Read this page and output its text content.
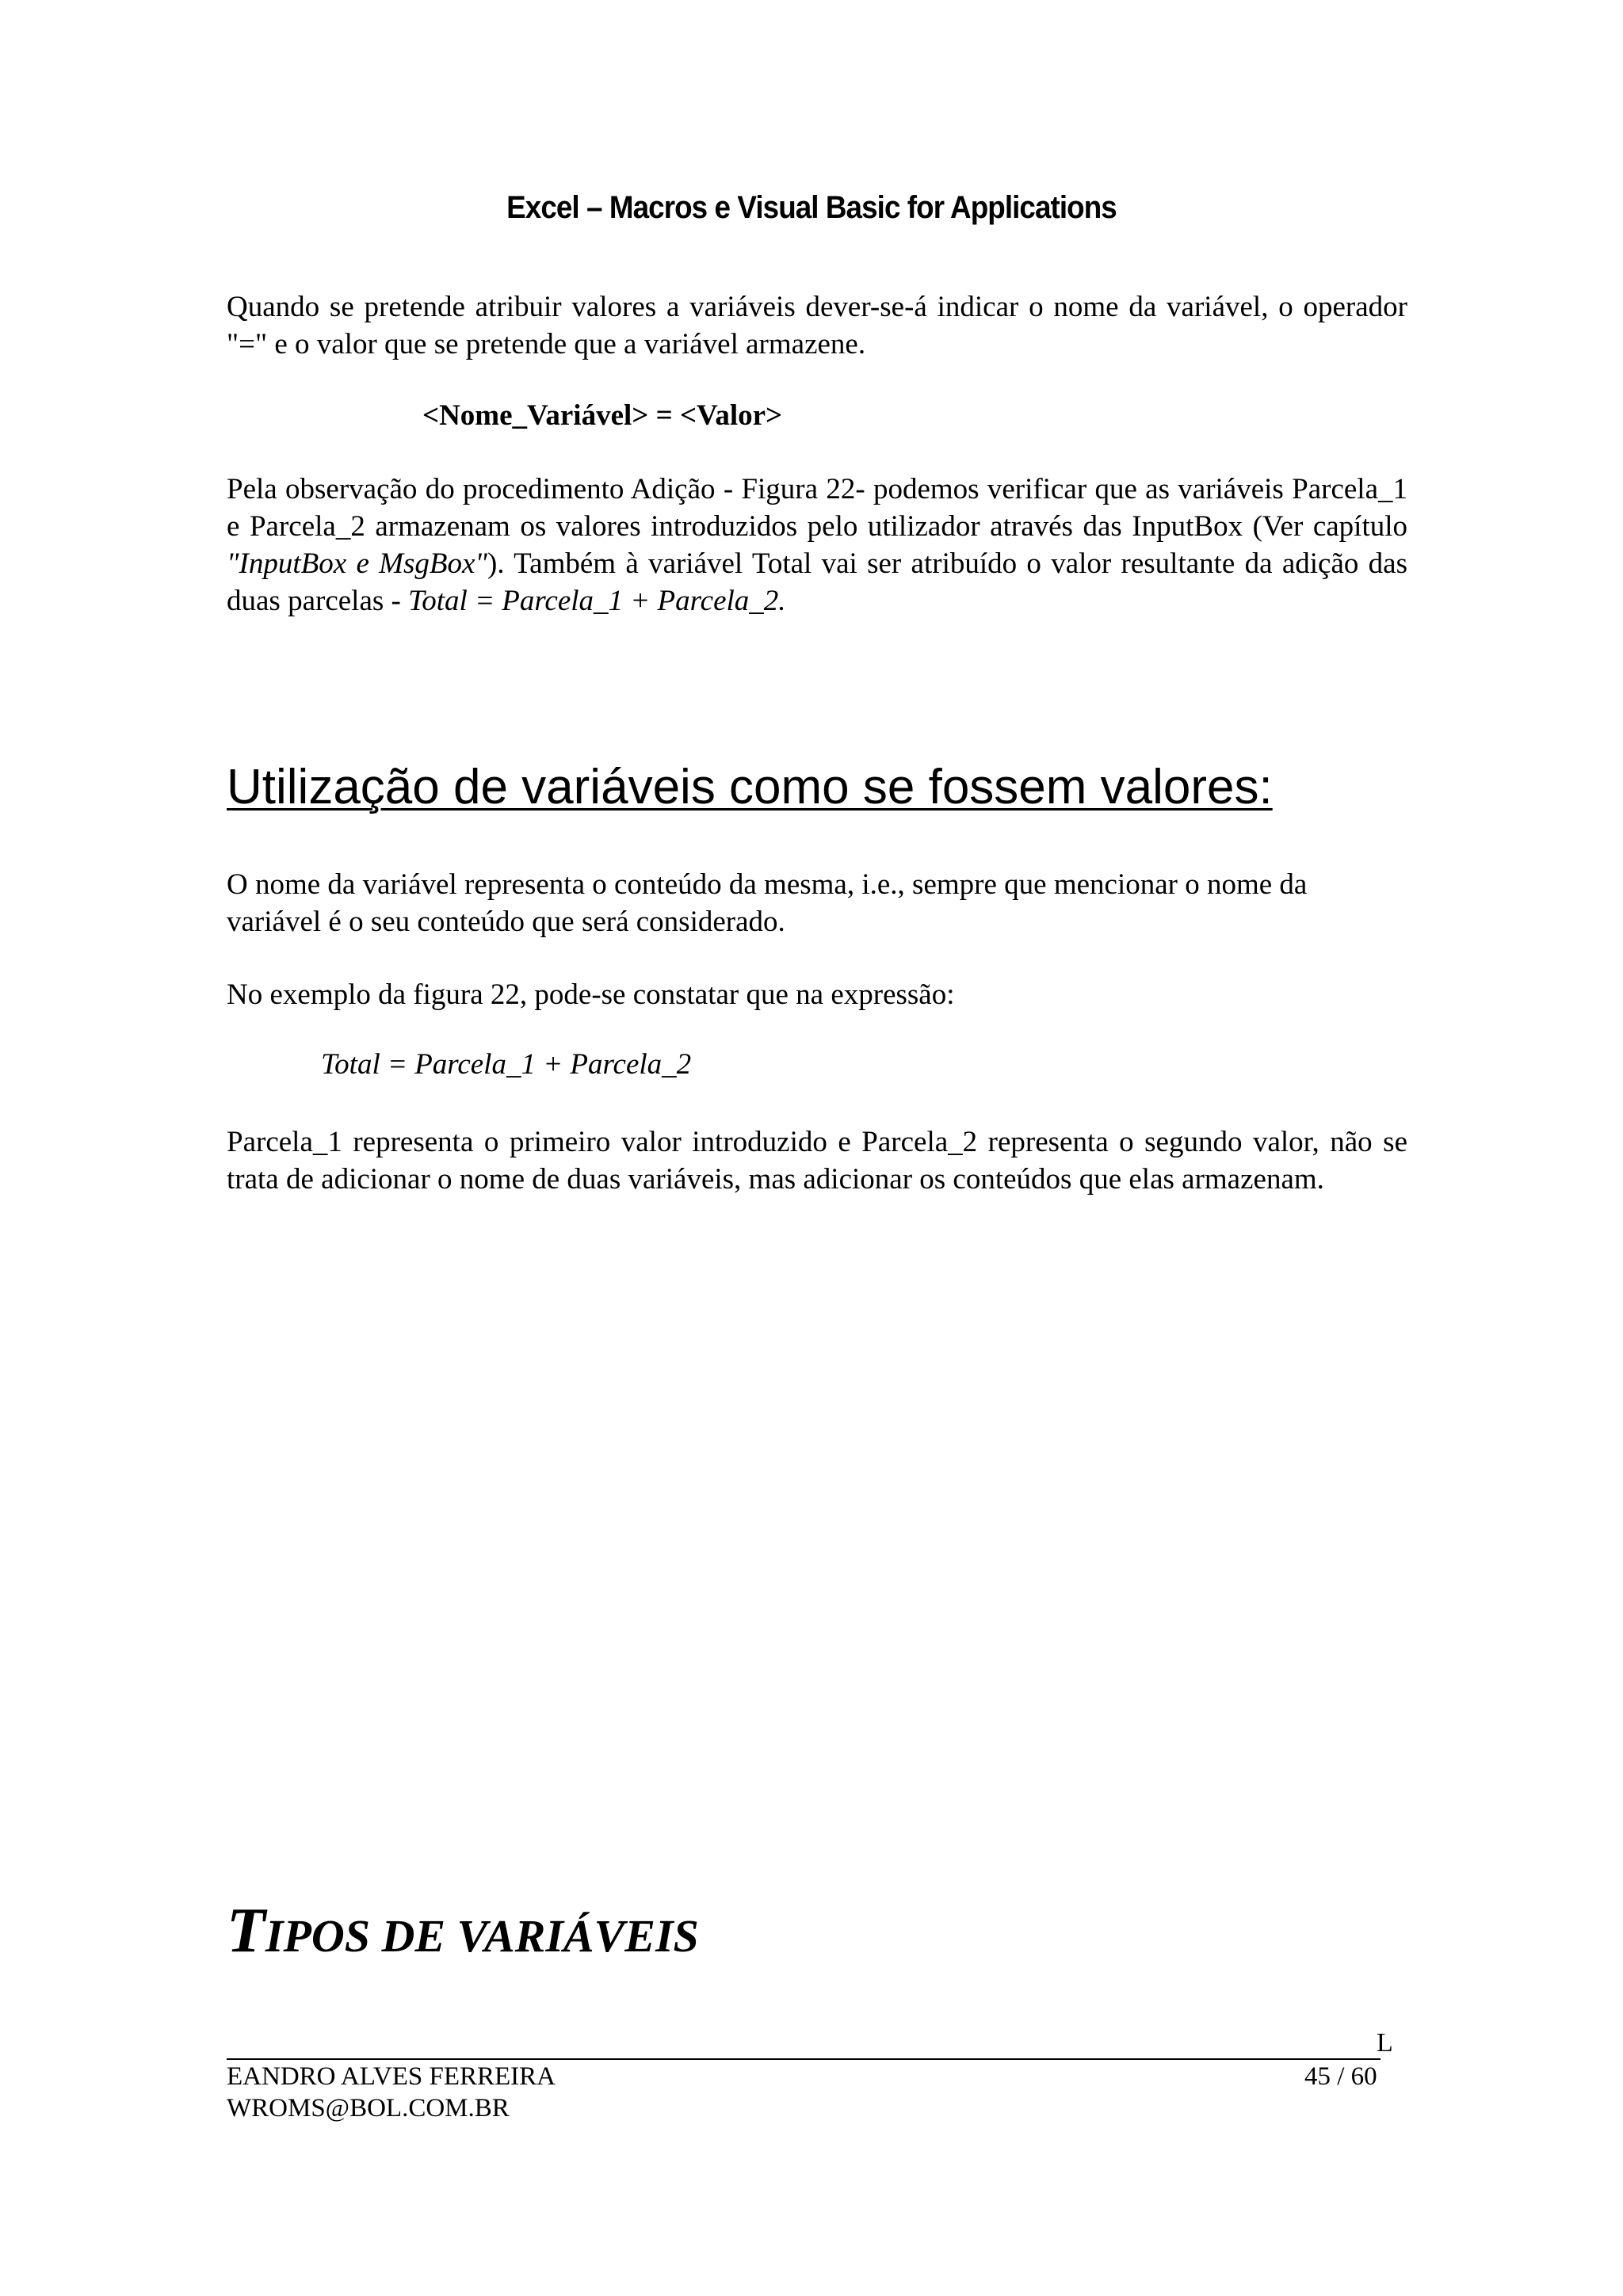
Excel – Macros e Visual Basic for Applications

Quando se pretende atribuir valores a variáveis dever-se-á indicar o nome da variável, o operador "=" e o valor que se pretende que a variável armazene.

<Nome_Variável> = <Valor>

Pela observação do procedimento Adição - Figura 22- podemos verificar que as variáveis Parcela_1 e Parcela_2 armazenam os valores introduzidos pelo utilizador através das InputBox (Ver capítulo "InputBox e MsgBox"). Também à variável Total vai ser atribuído o valor resultante da adição das duas parcelas - Total = Parcela_1 + Parcela_2.

Utilização de variáveis como se fossem valores:

O nome da variável representa o conteúdo da mesma, i.e., sempre que mencionar o nome da variável é o seu conteúdo que será considerado.

No exemplo da figura 22, pode-se constatar que na expressão:

Total = Parcela_1 + Parcela_2

Parcela_1 representa o primeiro valor introduzido e Parcela_2 representa o segundo valor, não se trata de adicionar o nome de duas variáveis, mas adicionar os conteúdos que elas armazenam.

TIPOS DE VARIÁVEIS
L
EANDRO ALVES FERREIRA
WROMS@BOL.COM.BR
45 / 60
